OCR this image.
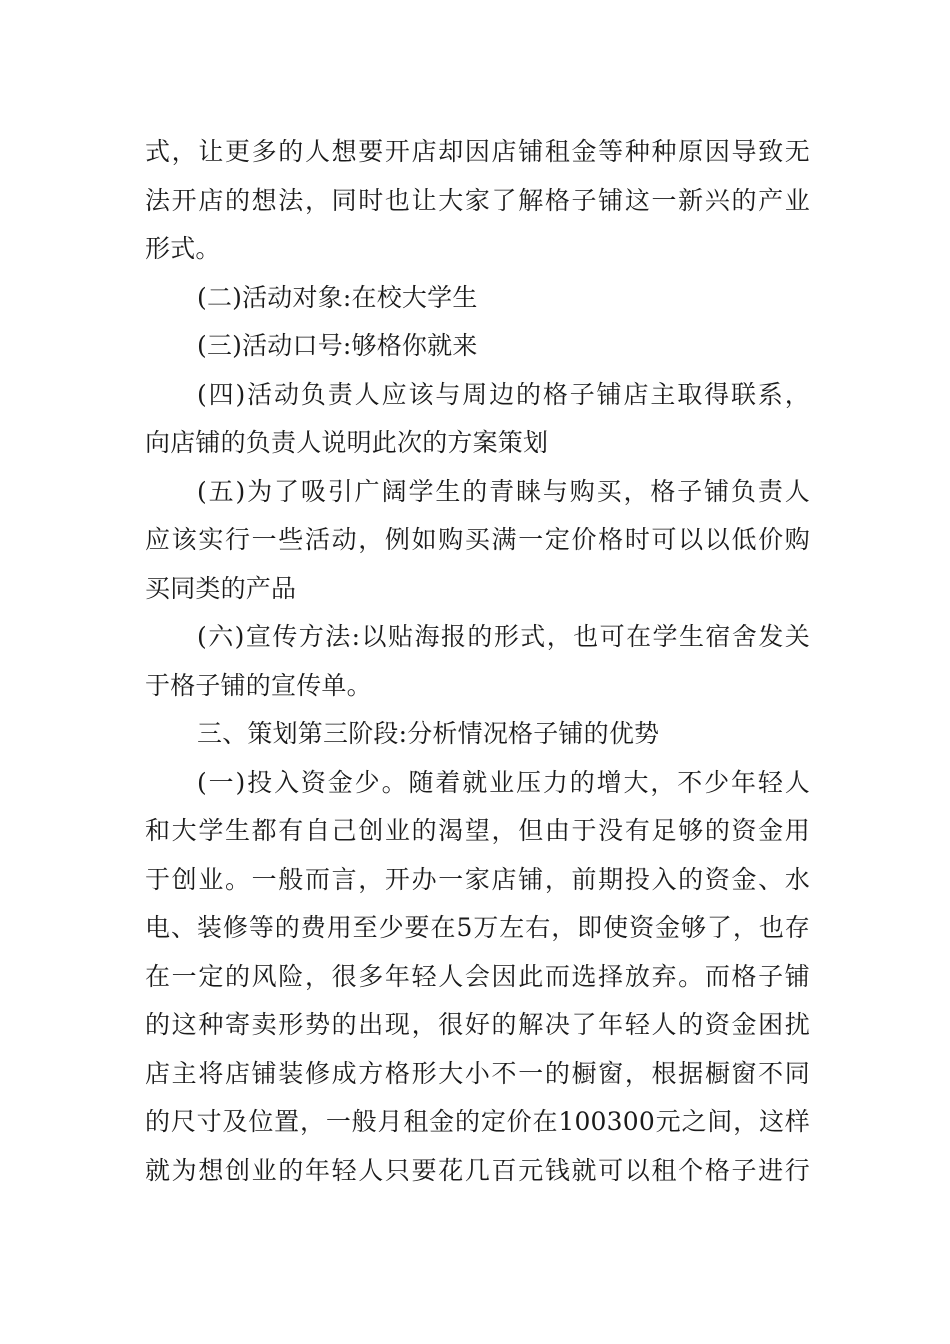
式，让更多的人想要开店却因店铺租金等种种原因导致无
法开店的想法，同时也让大家了解格子铺这一新兴的产业
形式。
(二)活动对象:在校大学生
(三)活动口号:够格你就来
(四)活动负责人应该与周边的格子铺店主取得联系，
向店铺的负责人说明此次的方案策划
(五)为了吸引广阔学生的青睐与购买，格子铺负责人
应该实行一些活动，例如购买满一定价格时可以以低价购
买同类的产品
(六)宣传方法:以贴海报的形式，也可在学生宿舍发关
于格子铺的宣传单。
三、策划第三阶段:分析情况格子铺的优势
(一)投入资金少。随着就业压力的增大，不少年轻人
和大学生都有自己创业的渴望，但由于没有足够的资金用
于创业。一般而言，开办一家店铺，前期投入的资金、水
电、装修等的费用至少要在5万左右，即使资金够了，也存
在一定的风险，很多年轻人会因此而选择放弃。而格子铺
的这种寄卖形势的出现，很好的解决了年轻人的资金困扰
店主将店铺装修成方格形大小不一的橱窗，根据橱窗不同
的尺寸及位置，一般月租金的定价在100300元之间，这样
就为想创业的年轻人只要花几百元钱就可以租个格子进行
